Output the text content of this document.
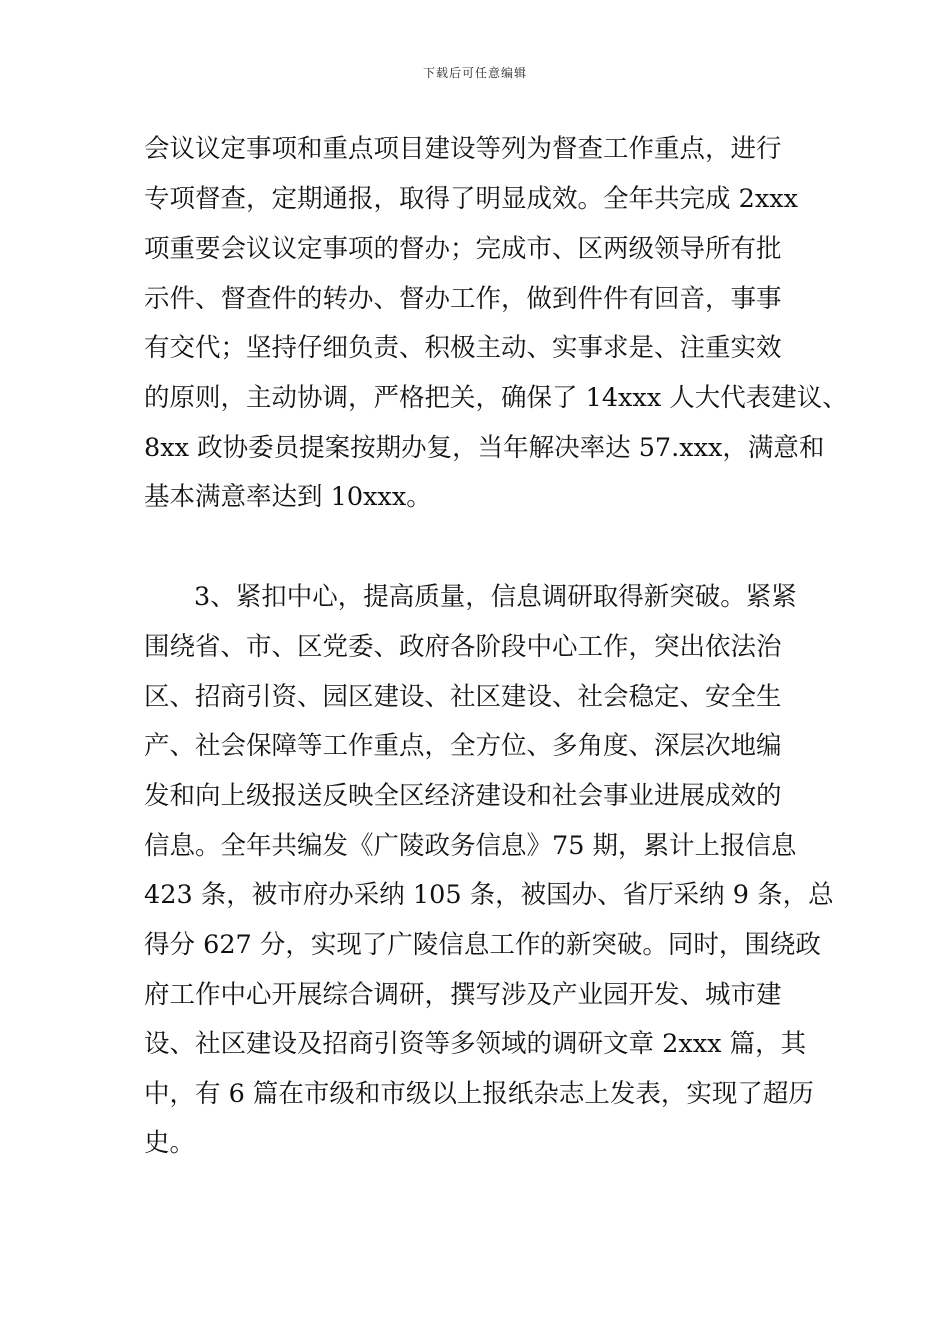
下载后可任意编辑
会议议定事项和重点项目建设等列为督查工作重点，进行
专项督查，定期通报，取得了明显成效。全年共完成 2xxx
项重要会议议定事项的督办；完成市、区两级领导所有批
示件、督查件的转办、督办工作，做到件件有回音，事事
有交代；坚持仔细负责、积极主动、实事求是、注重实效
的原则，主动协调，严格把关，确保了 14xxx 人大代表建议、
8xx 政协委员提案按期办复，当年解决率达 57.xxx，满意和
基本满意率达到 10xxx。
3、紧扣中心，提高质量，信息调研取得新突破。紧紧
围绕省、市、区党委、政府各阶段中心工作，突出依法治
区、招商引资、园区建设、社区建设、社会稳定、安全生
产、社会保障等工作重点，全方位、多角度、深层次地编
发和向上级报送反映全区经济建设和社会事业进展成效的
信息。全年共编发《广陵政务信息》75 期，累计上报信息
423 条，被市府办采纳 105 条，被国办、省厅采纳 9 条，总
得分 627 分，实现了广陵信息工作的新突破。同时，围绕政
府工作中心开展综合调研，撰写涉及产业园开发、城市建
设、社区建设及招商引资等多领域的调研文章 2xxx 篇，其
中，有 6 篇在市级和市级以上报纸杂志上发表，实现了超历
史。
